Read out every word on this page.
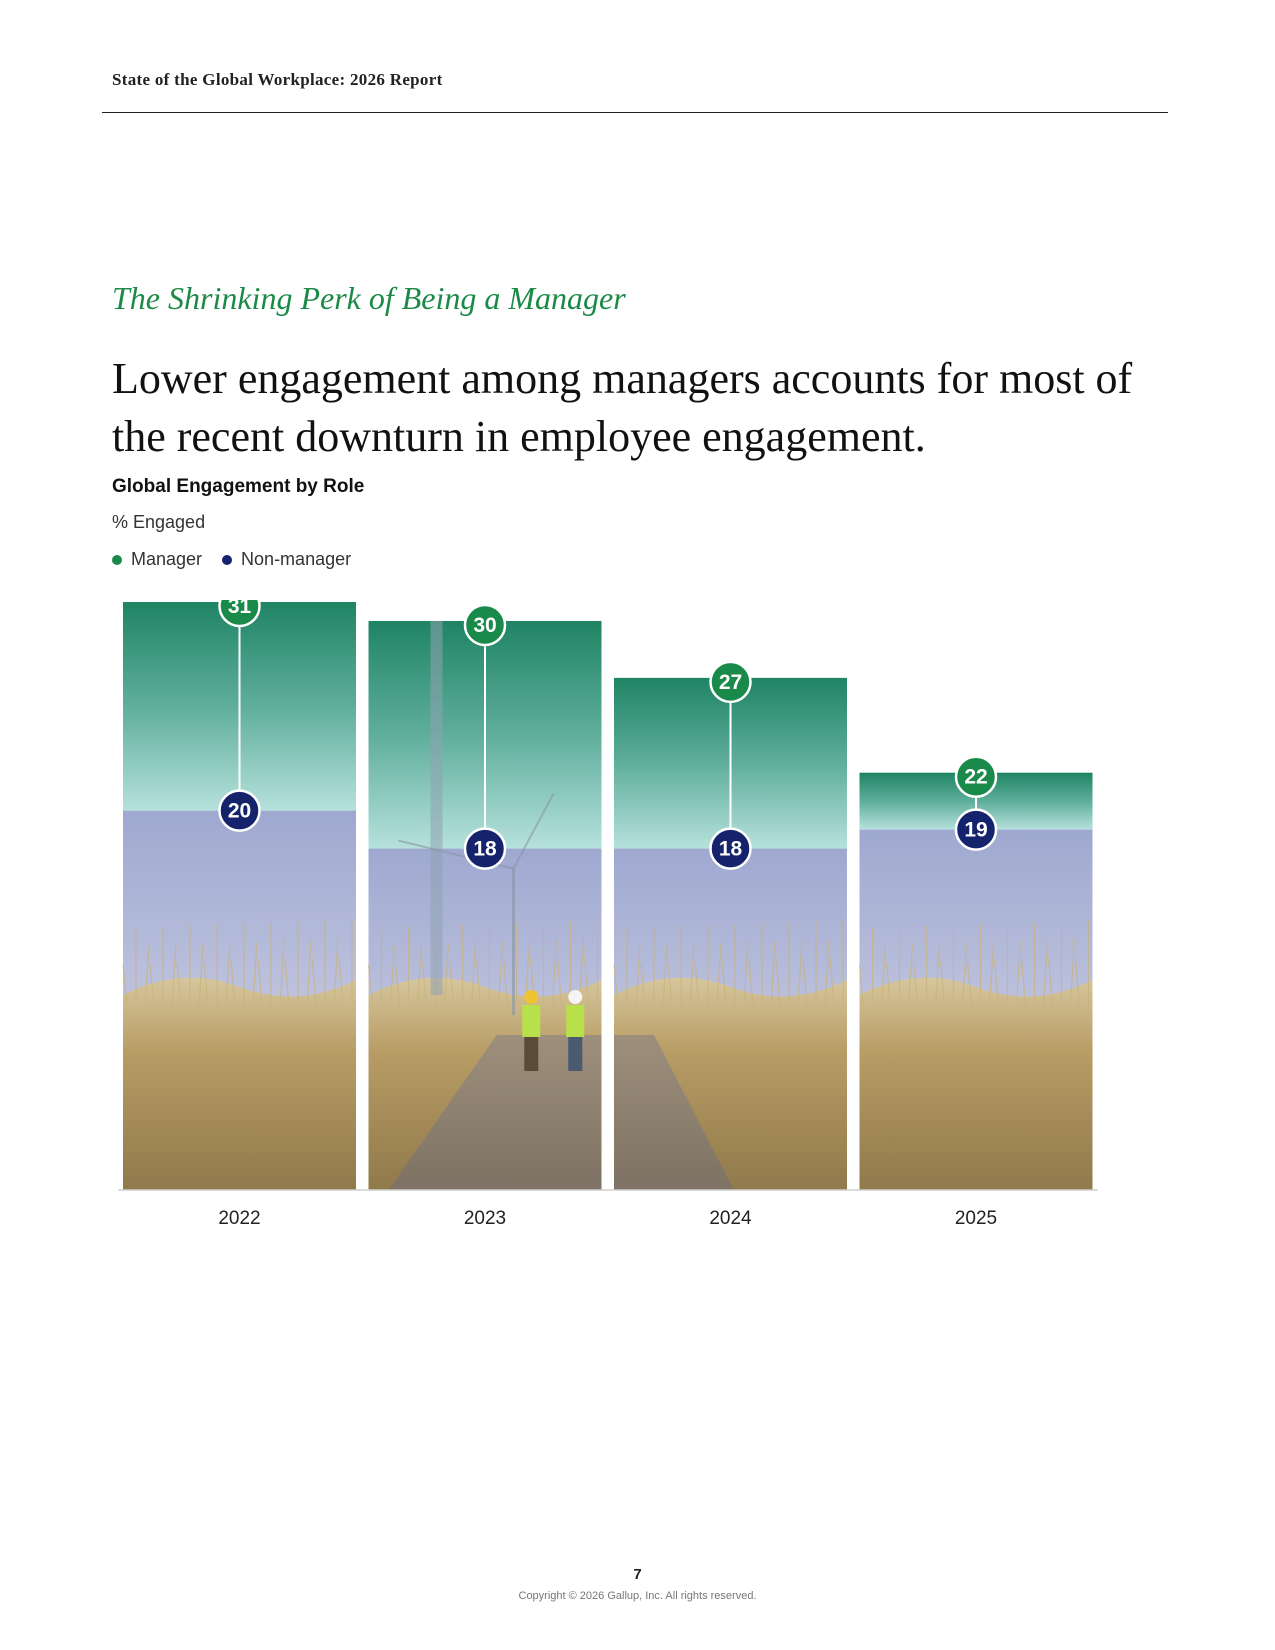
State of the Global Workplace: 2026 Report
The Shrinking Perk of Being a Manager
Lower engagement among managers accounts for most of the recent downturn in employee engagement.
Global Engagement by Role
% Engaged
Manager Non-manager
31
20
2022
30
18
2023
27
18
2024
22
19
2025
7
Copyright © 2026 Gallup, Inc. All rights reserved.
